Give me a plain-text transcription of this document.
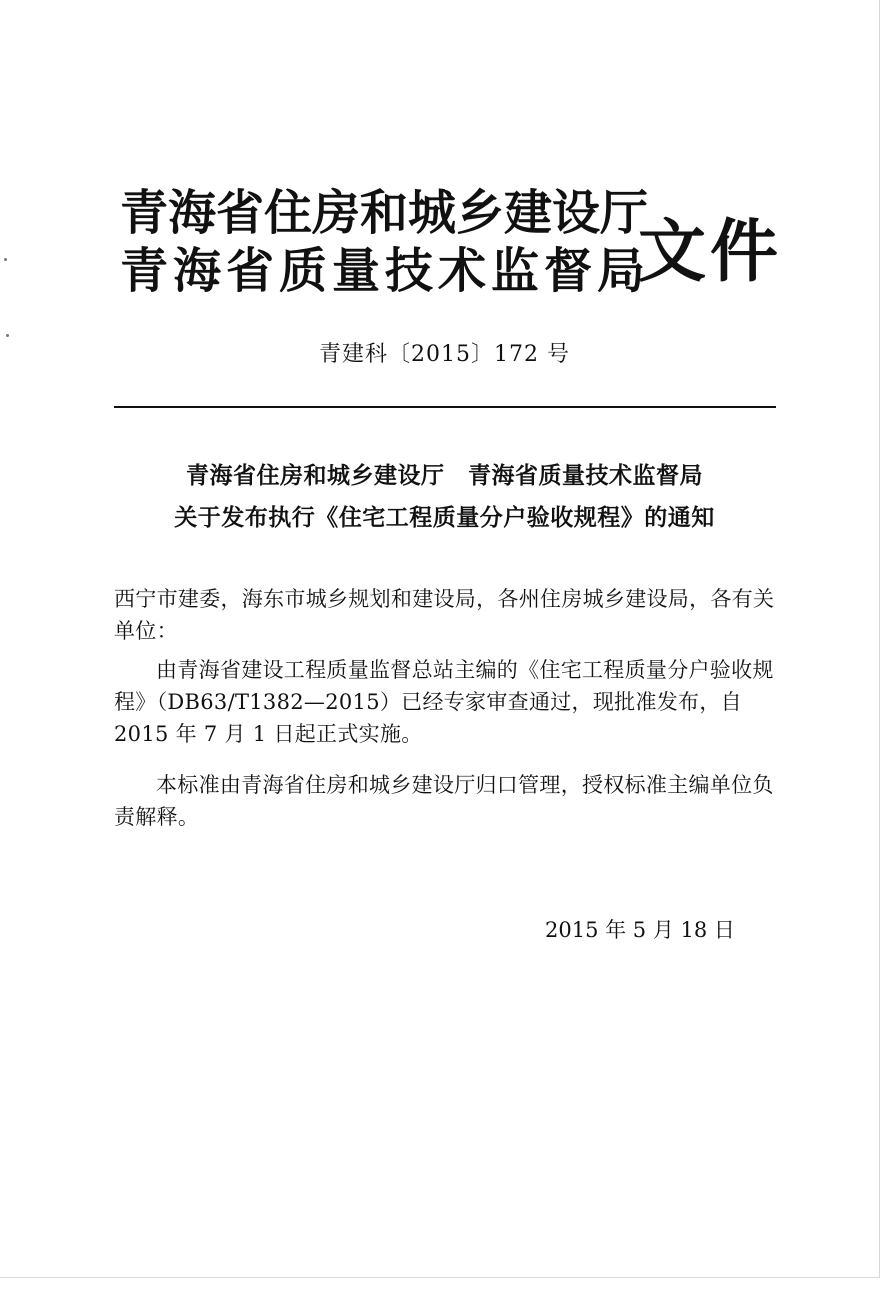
青海省住房和城乡建设厅
青海省质量技术监督局
文件
青建科〔2015〕172 号
青海省住房和城乡建设厅　青海省质量技术监督局
关于发布执行《住宅工程质量分户验收规程》的通知
西宁市建委，海东市城乡规划和建设局，各州住房城乡建设局，各有关单位：
由青海省建设工程质量监督总站主编的《住宅工程质量分户验收规程》（DB63/T1382—2015）已经专家审查通过，现批准发布，自 2015 年 7 月 1 日起正式实施。
本标准由青海省住房和城乡建设厅归口管理，授权标准主编单位负责解释。
2015 年 5 月 18 日
